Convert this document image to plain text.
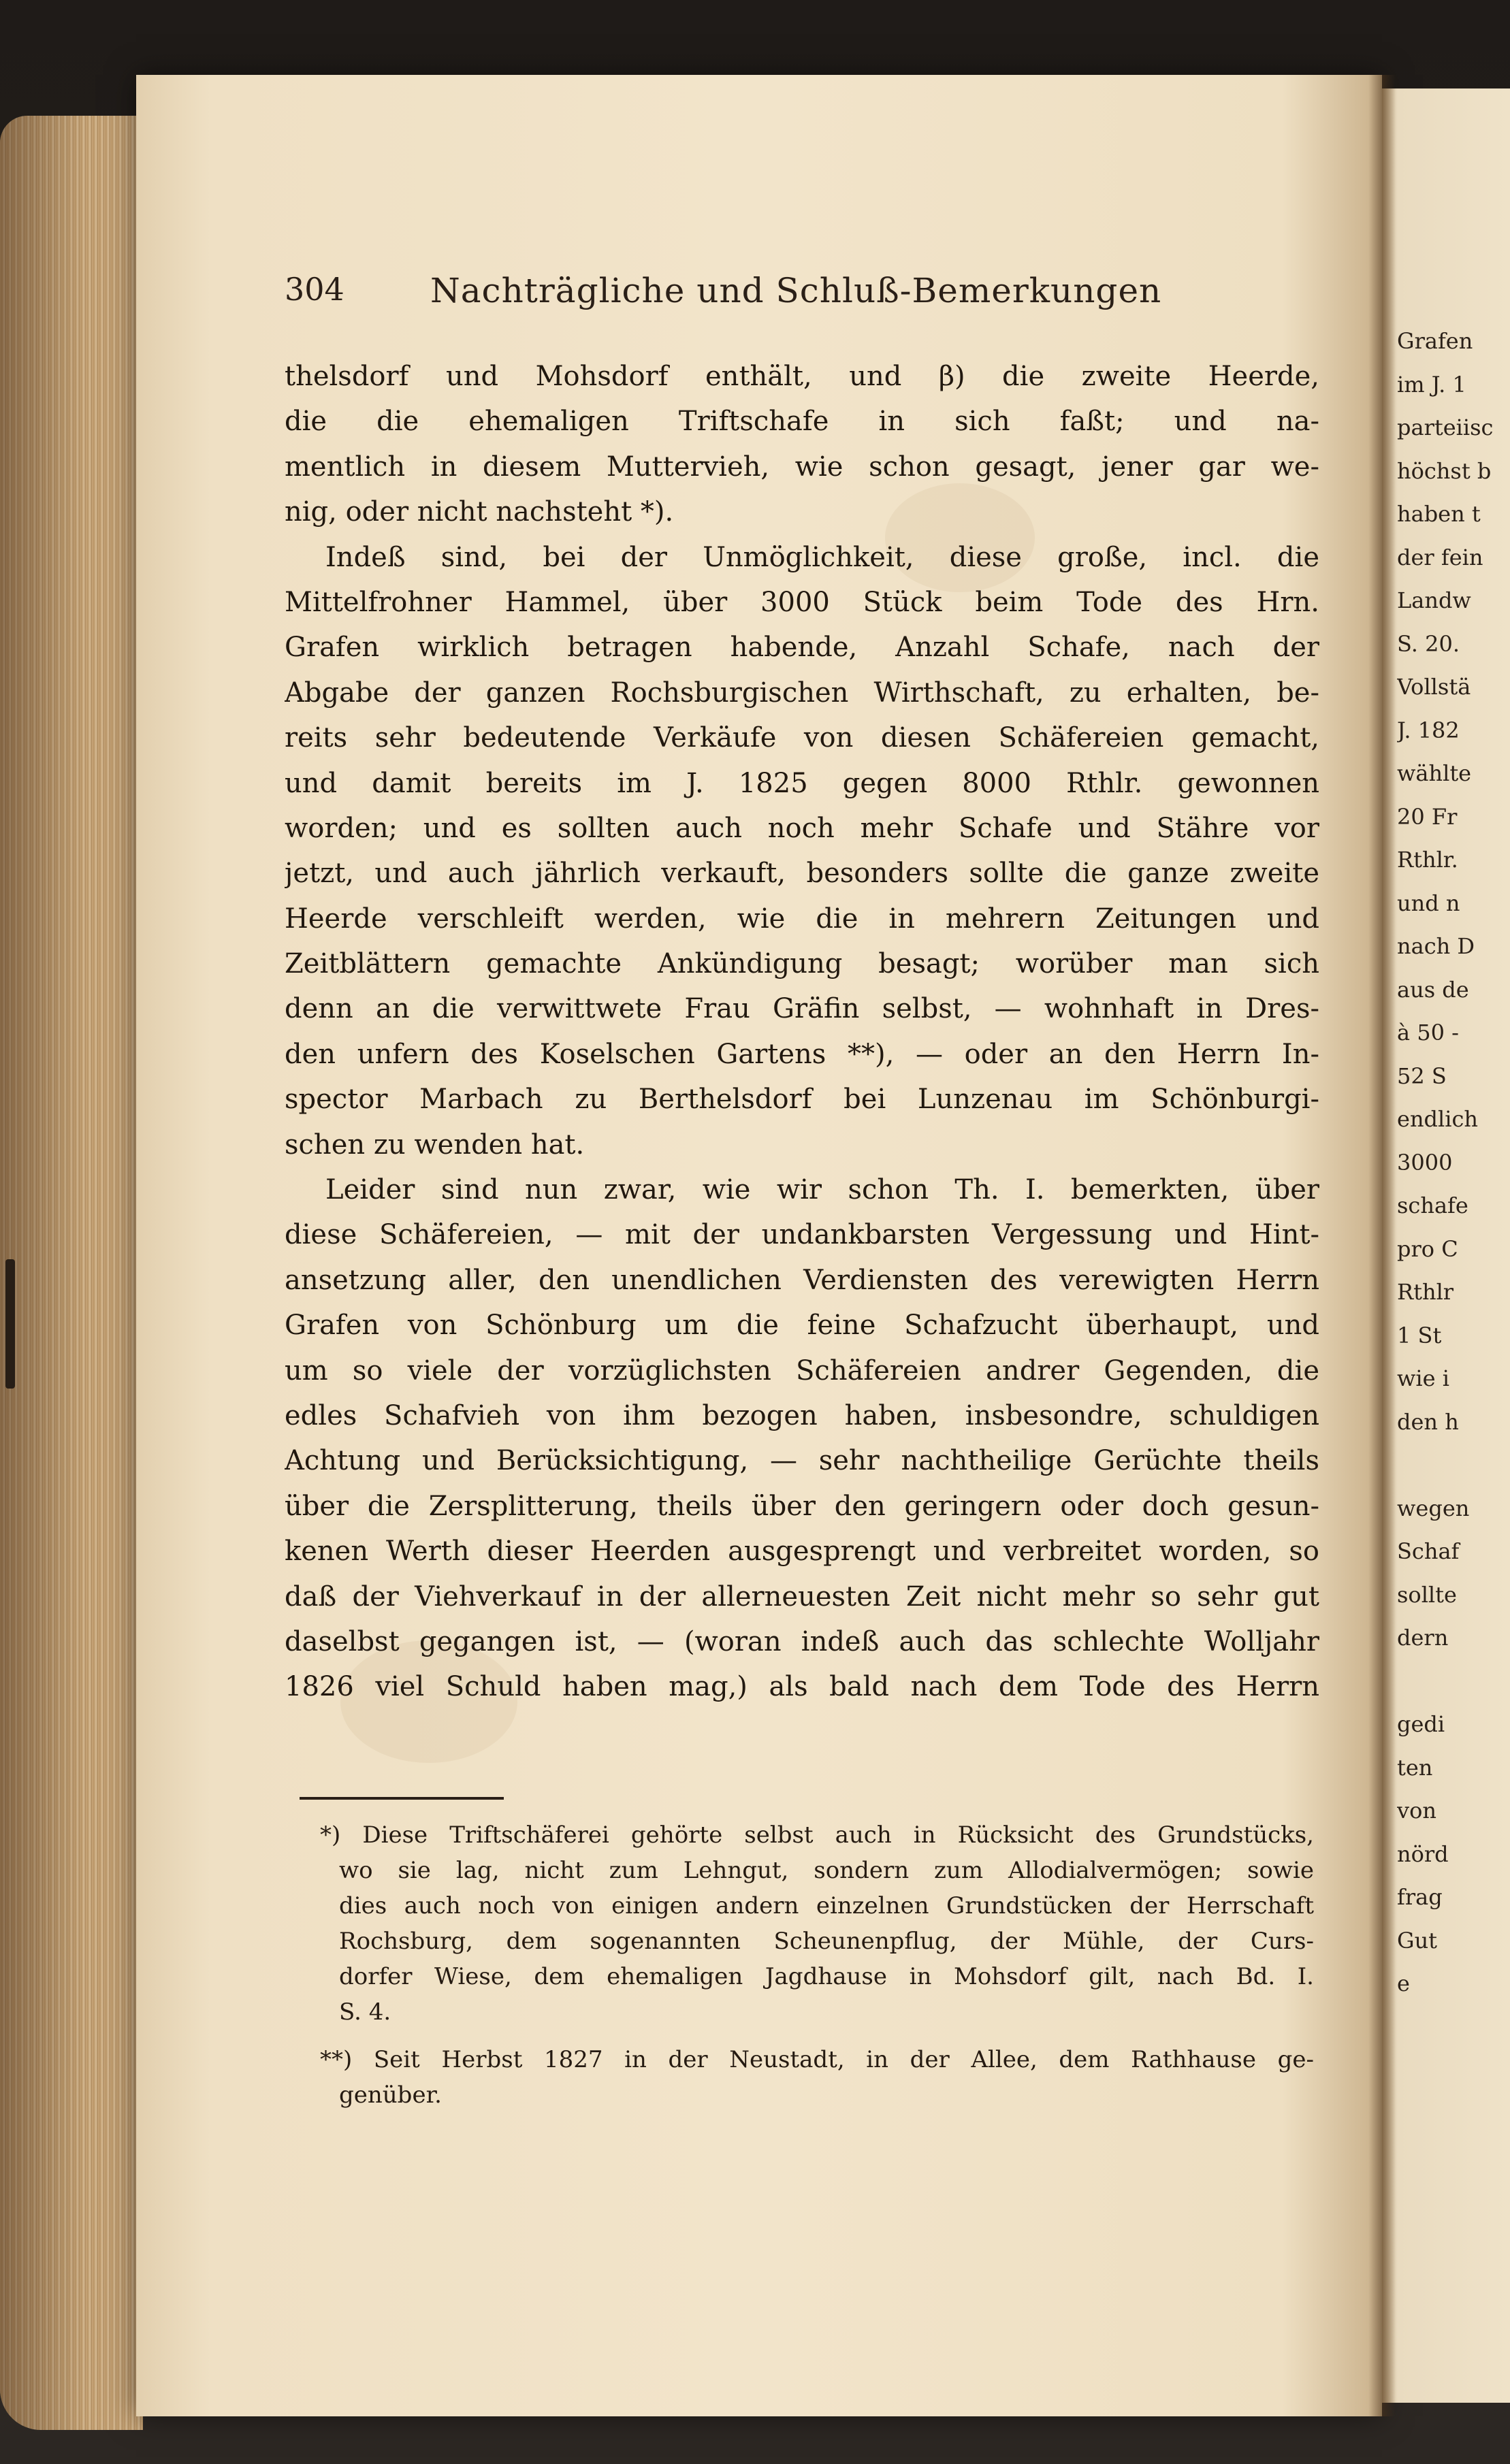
Grafen
im J. 1
parteiisc
höchst b
haben t
der fein
Landw
S. 20.
Vollstä
J. 182
wählte
20 Fr
Rthlr.
und n
nach D
aus de
à 50 -
52 S
endlich
3000
schafe
pro C
Rthlr
1 St
wie i
den h
wegen
Schaf
sollte
dern
gedi
ten
von
nörd
frag
Gut
e
304	Nachträgliche und Schluß-Bemerkungen
thelsdorf und Mohsdorf enthält, und β) die zweite Heerde,
die die ehemaligen Triftschafe in sich faßt; und na-
mentlich in diesem Muttervieh, wie schon gesagt, jener gar we-
nig, oder nicht nachsteht *).
Indeß sind, bei der Unmöglichkeit, diese große, incl. die
Mittelfrohner Hammel, über 3000 Stück beim Tode des Hrn.
Grafen wirklich betragen habende, Anzahl Schafe, nach der
Abgabe der ganzen Rochsburgischen Wirthschaft, zu erhalten, be-
reits sehr bedeutende Verkäufe von diesen Schäfereien gemacht,
und damit bereits im J. 1825 gegen 8000 Rthlr. gewonnen
worden; und es sollten auch noch mehr Schafe und Stähre vor
jetzt, und auch jährlich verkauft, besonders sollte die ganze zweite
Heerde verschleift werden, wie die in mehrern Zeitungen und
Zeitblättern gemachte Ankündigung besagt; worüber man sich
denn an die verwittwete Frau Gräfin selbst, — wohnhaft in Dres-
den unfern des Koselschen Gartens **), — oder an den Herrn In-
spector Marbach zu Berthelsdorf bei Lunzenau im Schönburgi-
schen zu wenden hat.
Leider sind nun zwar, wie wir schon Th. I. bemerkten, über
diese Schäfereien, — mit der undankbarsten Vergessung und Hint-
ansetzung aller, den unendlichen Verdiensten des verewigten Herrn
Grafen von Schönburg um die feine Schafzucht überhaupt, und
um so viele der vorzüglichsten Schäfereien andrer Gegenden, die
edles Schafvieh von ihm bezogen haben, insbesondre, schuldigen
Achtung und Berücksichtigung, — sehr nachtheilige Gerüchte theils
über die Zersplitterung, theils über den geringern oder doch gesun-
kenen Werth dieser Heerden ausgesprengt und verbreitet worden, so
daß der Viehverkauf in der allerneuesten Zeit nicht mehr so sehr gut
daselbst gegangen ist, — (woran indeß auch das schlechte Wolljahr
1826 viel Schuld haben mag,) als bald nach dem Tode des Herrn
*) Diese Triftschäferei gehörte selbst auch in Rücksicht des Grundstücks,
wo sie lag, nicht zum Lehngut, sondern zum Allodialvermögen; sowie
dies auch noch von einigen andern einzelnen Grundstücken der Herrschaft
Rochsburg, dem sogenannten Scheunenpflug, der Mühle, der Curs-
dorfer Wiese, dem ehemaligen Jagdhause in Mohsdorf gilt, nach Bd. I.
S. 4.
**) Seit Herbst 1827 in der Neustadt, in der Allee, dem Rathhause ge-
genüber.
